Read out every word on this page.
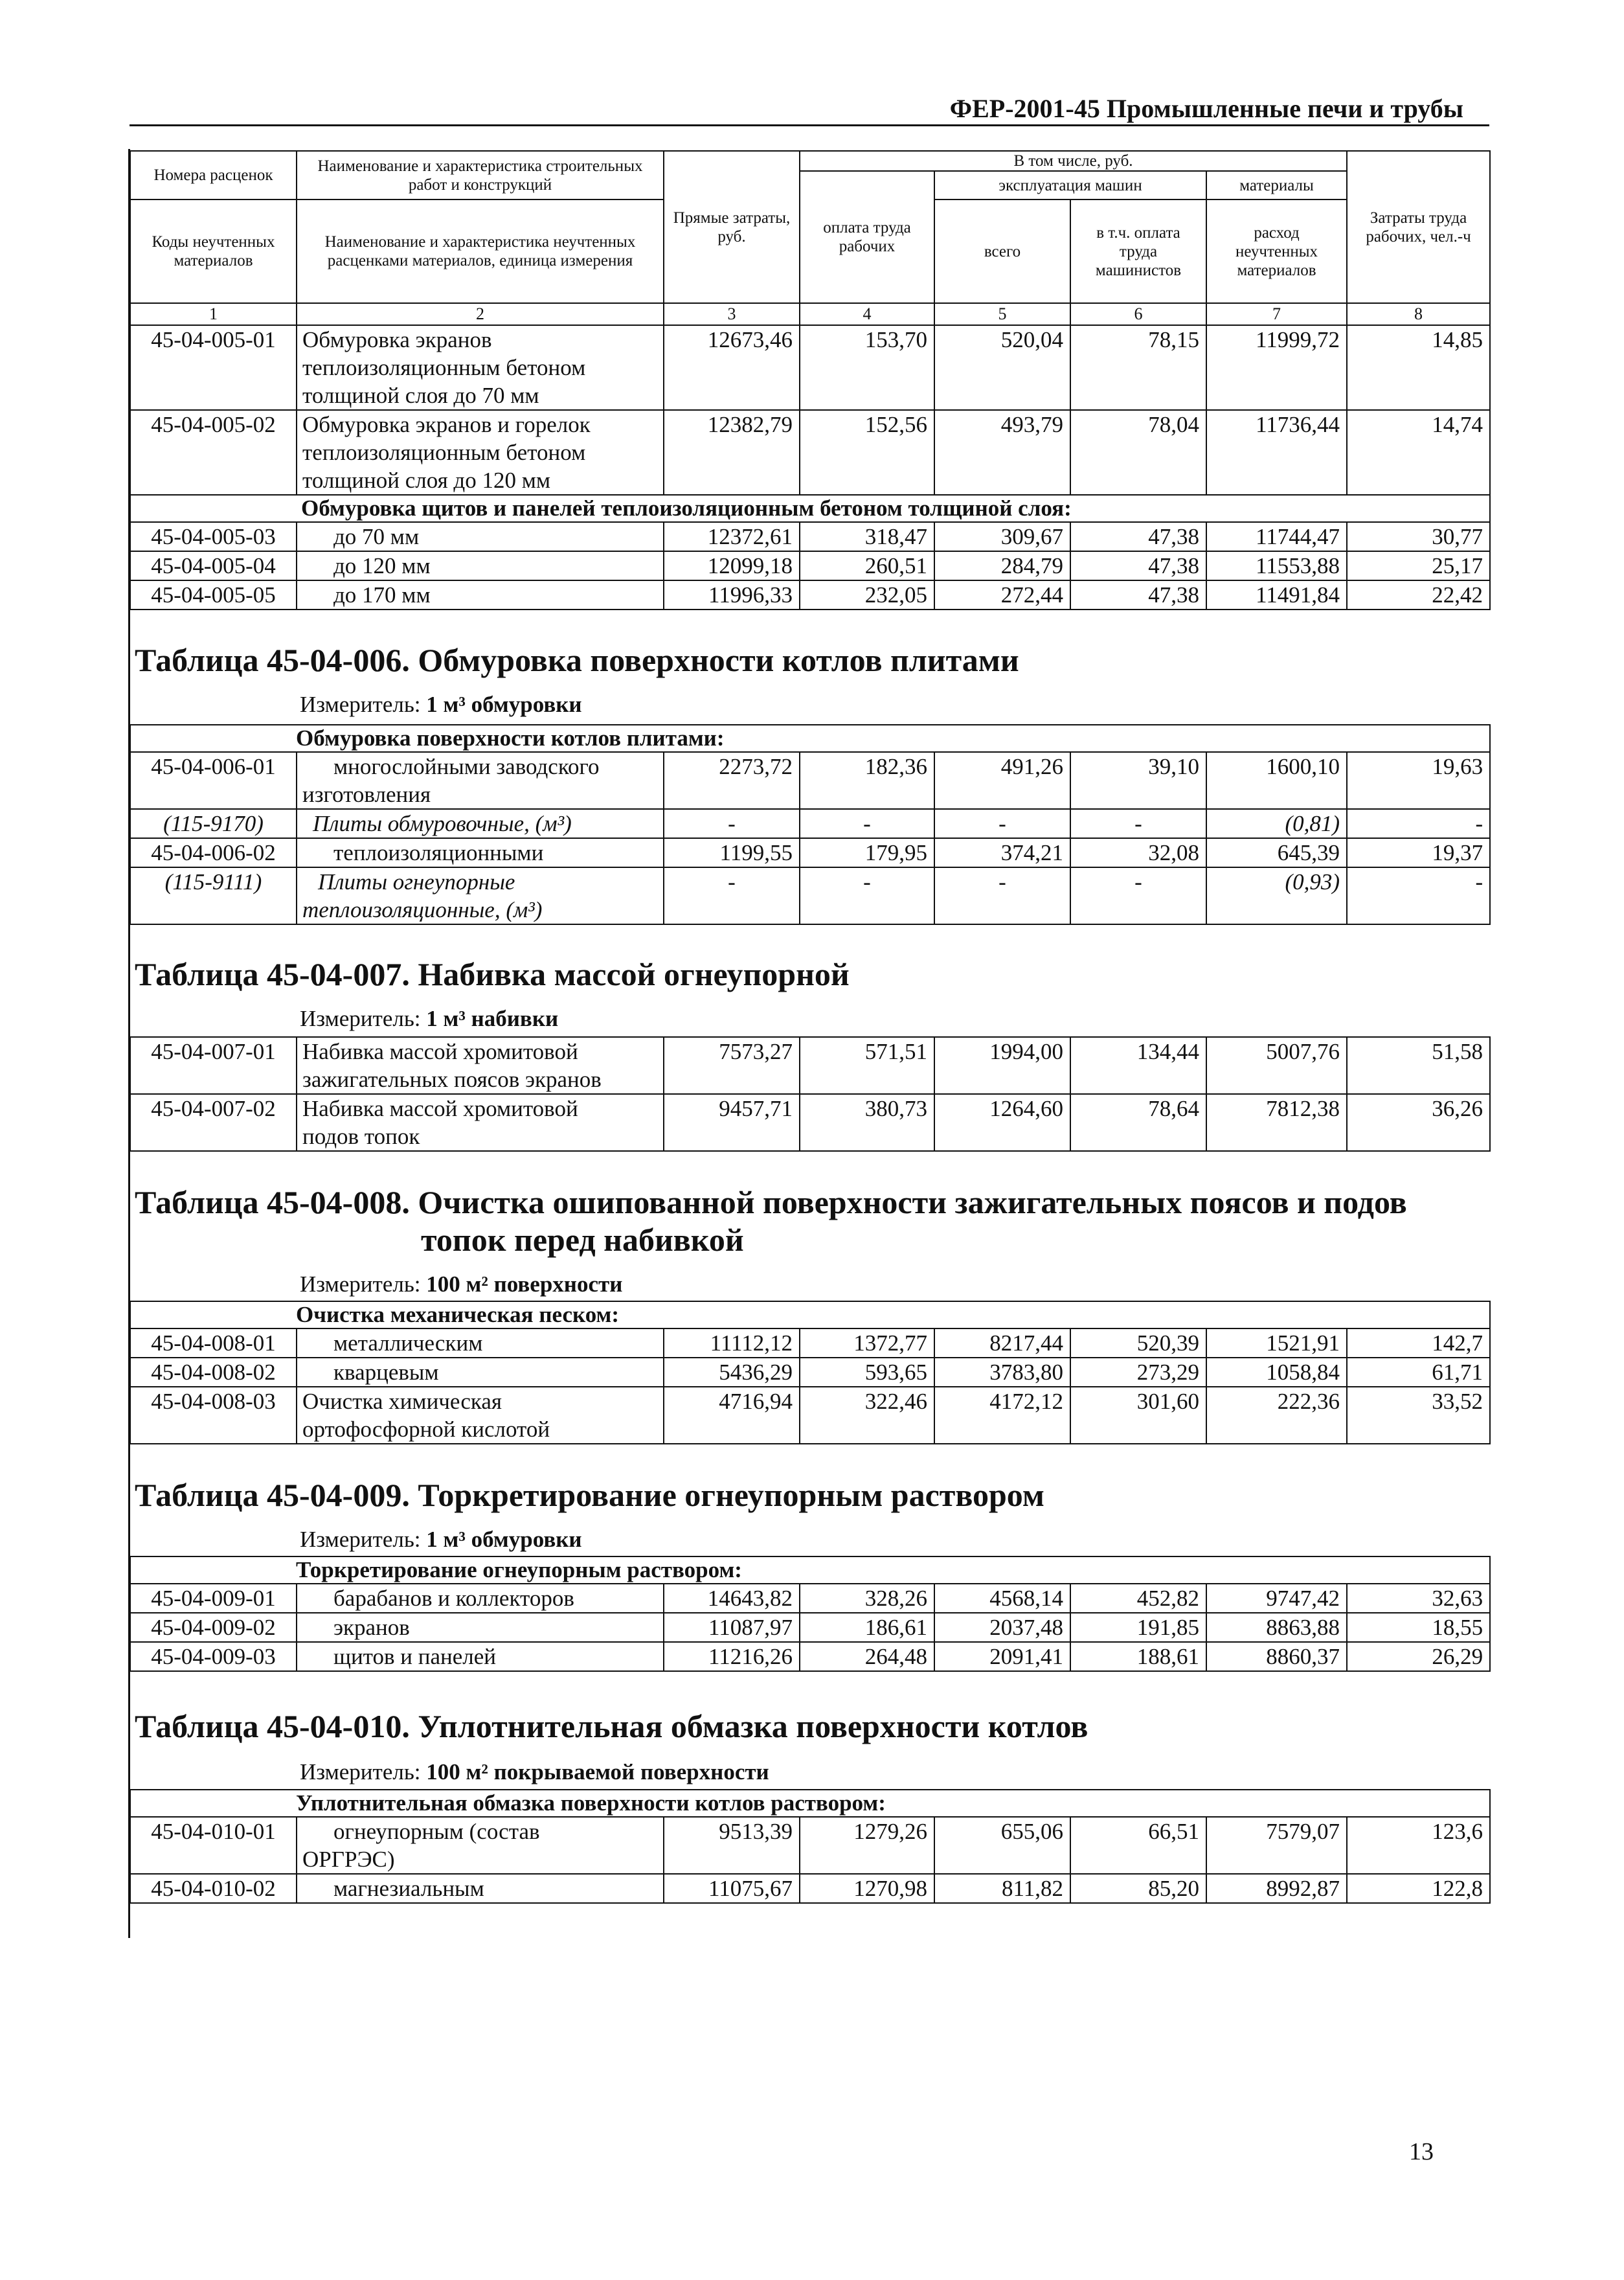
ФЕР-2001-45 Промышленные печи и трубы
Номера расценок	Наименование и характеристика строительных работ и конструкций	Прямые затраты, руб.	В том числе, руб.				Затраты труда рабочих, чел.-ч
			оплата труда рабочих	эксплуатация машин		материалы	
Коды неучтенных материалов	Наименование и характеристика неучтенных расценками материалов, единица измерения			всего	в т.ч. оплата труда машинистов	расход неучтенных материалов	

1	2	3	4	5	6	7	8
45-04-005-01	Обмуровка экранов
теплоизоляционным бетоном
толщиной слоя до 70 мм	12673,46	153,70	520,04	78,15	11999,72	14,85
45-04-005-02	Обмуровка экранов и горелок
теплоизоляционным бетоном
толщиной слоя до 120 мм	12382,79	152,56	493,79	78,04	11736,44	14,74
Обмуровка щитов и панелей теплоизоляционным бетоном толщиной слоя:							
45-04-005-03	до 70 мм	12372,61	318,47	309,67	47,38	11744,47	30,77
45-04-005-04	до 120 мм	12099,18	260,51	284,79	47,38	11553,88	25,17
45-04-005-05	до 170 мм	11996,33	232,05	272,44	47,38	11491,84	22,42
Таблица 45-04-006. Обмуровка поверхности котлов плитами
Измеритель: 1 м³ обмуровки
Обмуровка поверхности котлов плитами:							
45-04-006-01	многослойными заводского
изготовления	2273,72	182,36	491,26	39,10	1600,10	19,63
(115-9170)	Плиты обмуровочные, (м³)	-	-	-	-	(0,81)	-
45-04-006-02	теплоизоляционными	1199,55	179,95	374,21	32,08	645,39	19,37
(115-9111)	Плиты огнеупорные
теплоизоляционные, (м³)	-	-	-	-	(0,93)	-
Таблица 45-04-007. Набивка массой огнеупорной
Измеритель: 1 м³ набивки
45-04-007-01	Набивка массой хромитовой
зажигательных поясов экранов	7573,27	571,51	1994,00	134,44	5007,76	51,58
45-04-007-02	Набивка массой хромитовой
подов топок	9457,71	380,73	1264,60	78,64	7812,38	36,26
Таблица 45-04-008. Очистка ошипованной поверхности зажигательных поясов и подов
топок перед набивкой
Измеритель: 100 м² поверхности
Очистка механическая песком:							
45-04-008-01	металлическим	11112,12	1372,77	8217,44	520,39	1521,91	142,7
45-04-008-02	кварцевым	5436,29	593,65	3783,80	273,29	1058,84	61,71
45-04-008-03	Очистка химическая
ортофосфорной кислотой	4716,94	322,46	4172,12	301,60	222,36	33,52
Таблица 45-04-009. Торкретирование огнеупорным раствором
Измеритель: 1 м³ обмуровки
Торкретирование огнеупорным раствором:							
45-04-009-01	барабанов и коллекторов	14643,82	328,26	4568,14	452,82	9747,42	32,63
45-04-009-02	экранов	11087,97	186,61	2037,48	191,85	8863,88	18,55
45-04-009-03	щитов и панелей	11216,26	264,48	2091,41	188,61	8860,37	26,29
Таблица 45-04-010. Уплотнительная обмазка поверхности котлов
Измеритель: 100 м² покрываемой поверхности
Уплотнительная обмазка поверхности котлов раствором:							
45-04-010-01	огнеупорным (состав
ОРГРЭС)	9513,39	1279,26	655,06	66,51	7579,07	123,6
45-04-010-02	магнезиальным	11075,67	1270,98	811,82	85,20	8992,87	122,8
13
